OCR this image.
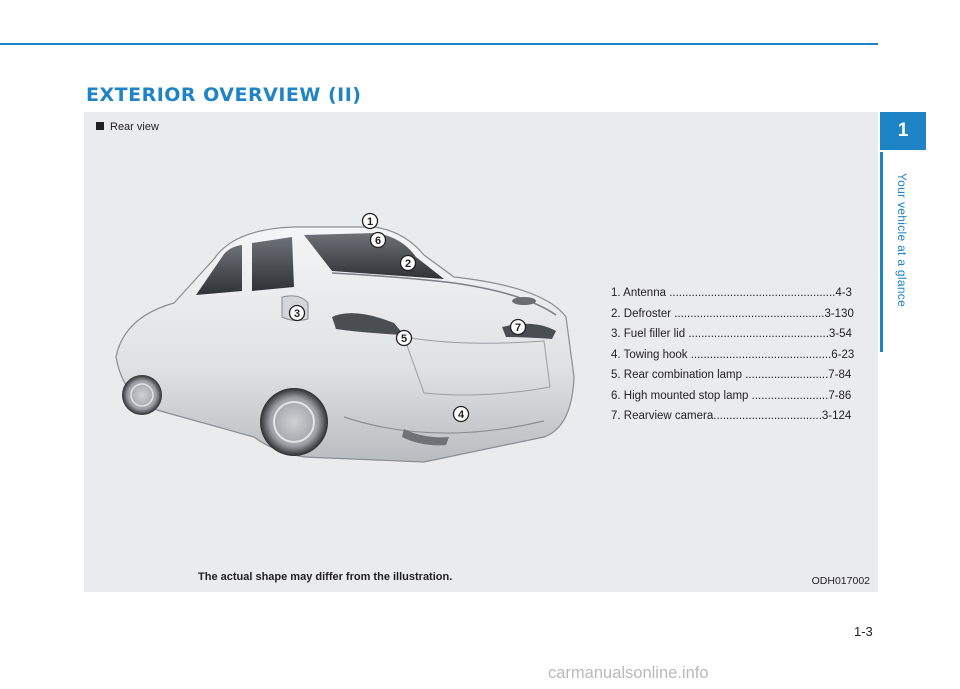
EXTERIOR OVERVIEW (II)
Rear view
1
6
2
3
5
7
4
1. Antenna ....................................................4-3
2. Defroster ...............................................3-130
3. Fuel filler lid ............................................3-54
4. Towing hook ............................................6-23
5. Rear combination lamp ..........................7-84
6. High mounted stop lamp ........................7-86
7. Rearview camera..................................3-124
The actual shape may differ from the illustration.	ODH017002
1
Your vehicle at a glance
1-3
carmanualsonline.info
